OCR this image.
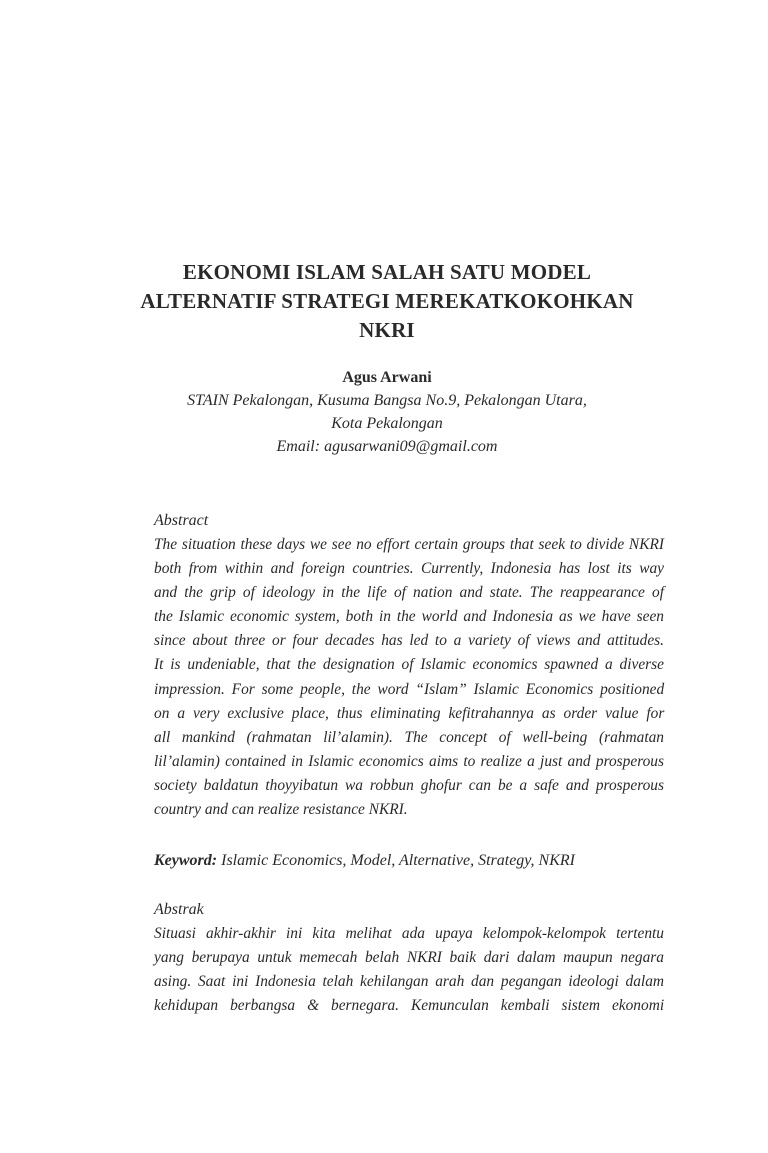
EKONOMI ISLAM SALAH SATU MODEL
ALTERNATIF STRATEGI MEREKATKOKOHKAN
NKRI
Agus Arwani
STAIN Pekalongan, Kusuma Bangsa No.9, Pekalongan Utara,
Kota Pekalongan
Email: agusarwani09@gmail.com
Abstract
The situation these days we see no effort certain groups that seek to divide NKRI
both from within and foreign countries. Currently, Indonesia has lost its way
and the grip of ideology in the life of nation and state. The reappearance of
the Islamic economic system, both in the world and Indonesia as we have seen
since about three or four decades has led to a variety of views and attitudes.
It is undeniable, that the designation of Islamic economics spawned a diverse
impression. For some people, the word “Islam” Islamic Economics positioned
on a very exclusive place, thus eliminating kefitrahannya as order value for
all mankind (rahmatan lil’alamin). The concept of well-being (rahmatan
lil’alamin) contained in Islamic economics aims to realize a just and prosperous
society baldatun thoyyibatun wa robbun ghofur can be a safe and prosperous
country and can realize resistance NKRI.
Keyword: Islamic Economics, Model, Alternative, Strategy, NKRI
Abstrak
Situasi akhir-akhir ini kita melihat ada upaya kelompok-kelompok tertentu
yang berupaya untuk memecah belah NKRI baik dari dalam maupun negara
asing. Saat ini Indonesia telah kehilangan arah dan pegangan ideologi dalam
kehidupan berbangsa & bernegara. Kemunculan kembali sistem ekonomi
